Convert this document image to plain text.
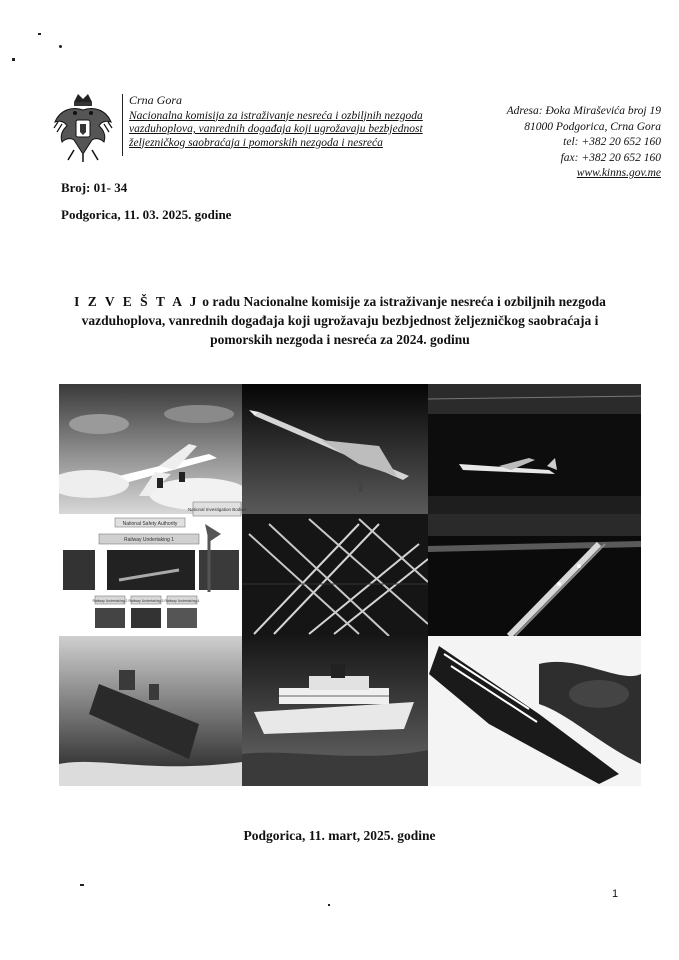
Crna Gora
Nacionalna komisija za istraživanje nesreća i ozbiljnih nezgoda
vazduhoplova, vanrednih događaja koji ugrožavaju bezbjednost
željezničkog saobraćaja i pomorskih nezgoda i nesreća
Adresa: Đoka Miraševića broj 19
81000 Podgorica, Crna Gora
tel: +382 20 652 160
fax: +382 20 652 160
www.kinns.gov.me
Broj: 01- 34
Podgorica, 11. 03. 2025. godine
I Z V E Š T A J o radu Nacionalne komisije za istraživanje nesreća i ozbiljnih nezgoda vazduhoplova, vanrednih događaja koji ugrožavaju bezbjednost željezničkog saobraćaja i pomorskih nezgoda i nesreća za 2024. godinu
National Safety Authority
National Investigation Bodies
Railway Undertaking 1
Railway Undertaking 2 Railway Undertaking 3 Railway Undertaking 4
Podgorica, 11. mart, 2025. godine
1
